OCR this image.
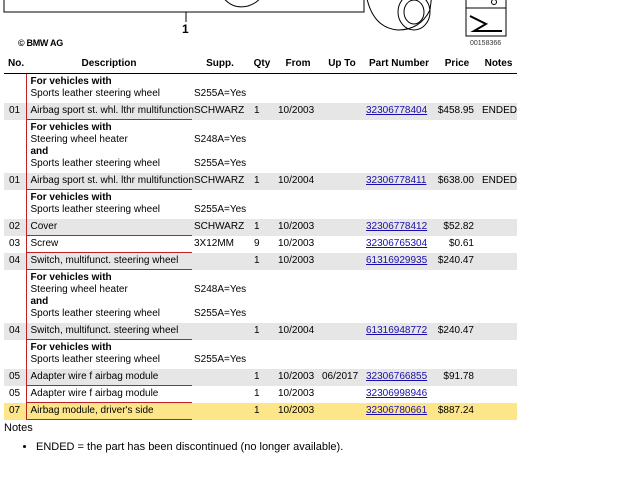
1
© BMW AG	00158366
No.	Description	Supp.	Qty	From	Up To	Part Number	Price	Notes

	For vehicles with
Sports leather steering wheel	S255A=Yes						

01	Airbag sport st. whl. lthr multifunction	SCHWARZ	1	10/2003		32306778404	$458.95	ENDED

	For vehicles with
Steering wheel heater
and
Sports leather steering wheel	S248A=Yes
S255A=Yes						

01	Airbag sport st. whl. lthr multifunction	SCHWARZ	1	10/2004		32306778411	$638.00	ENDED

	For vehicles with
Sports leather steering wheel	S255A=Yes						

02	Cover	SCHWARZ	1	10/2003		32306778412	$52.82	
03	Screw	3X12MM	9	10/2003		32306765304	$0.61	
04	Switch, multifunct. steering wheel		1	10/2003		61316929935	$240.47	

	For vehicles with
Steering wheel heater
and
Sports leather steering wheel	S248A=Yes
S255A=Yes						

04	Switch, multifunct. steering wheel		1	10/2004		61316948772	$240.47	

	For vehicles with
Sports leather steering wheel	S255A=Yes						

05	Adapter wire f airbag module		1	10/2003	06/2017	32306766855	$91.78	
05	Adapter wire f airbag module		1	10/2003		32306998946		
07	Airbag module, driver's side		1	10/2003		32306780661	$887.24	
Notes
• ENDED = the part has been discontinued (no longer available).
